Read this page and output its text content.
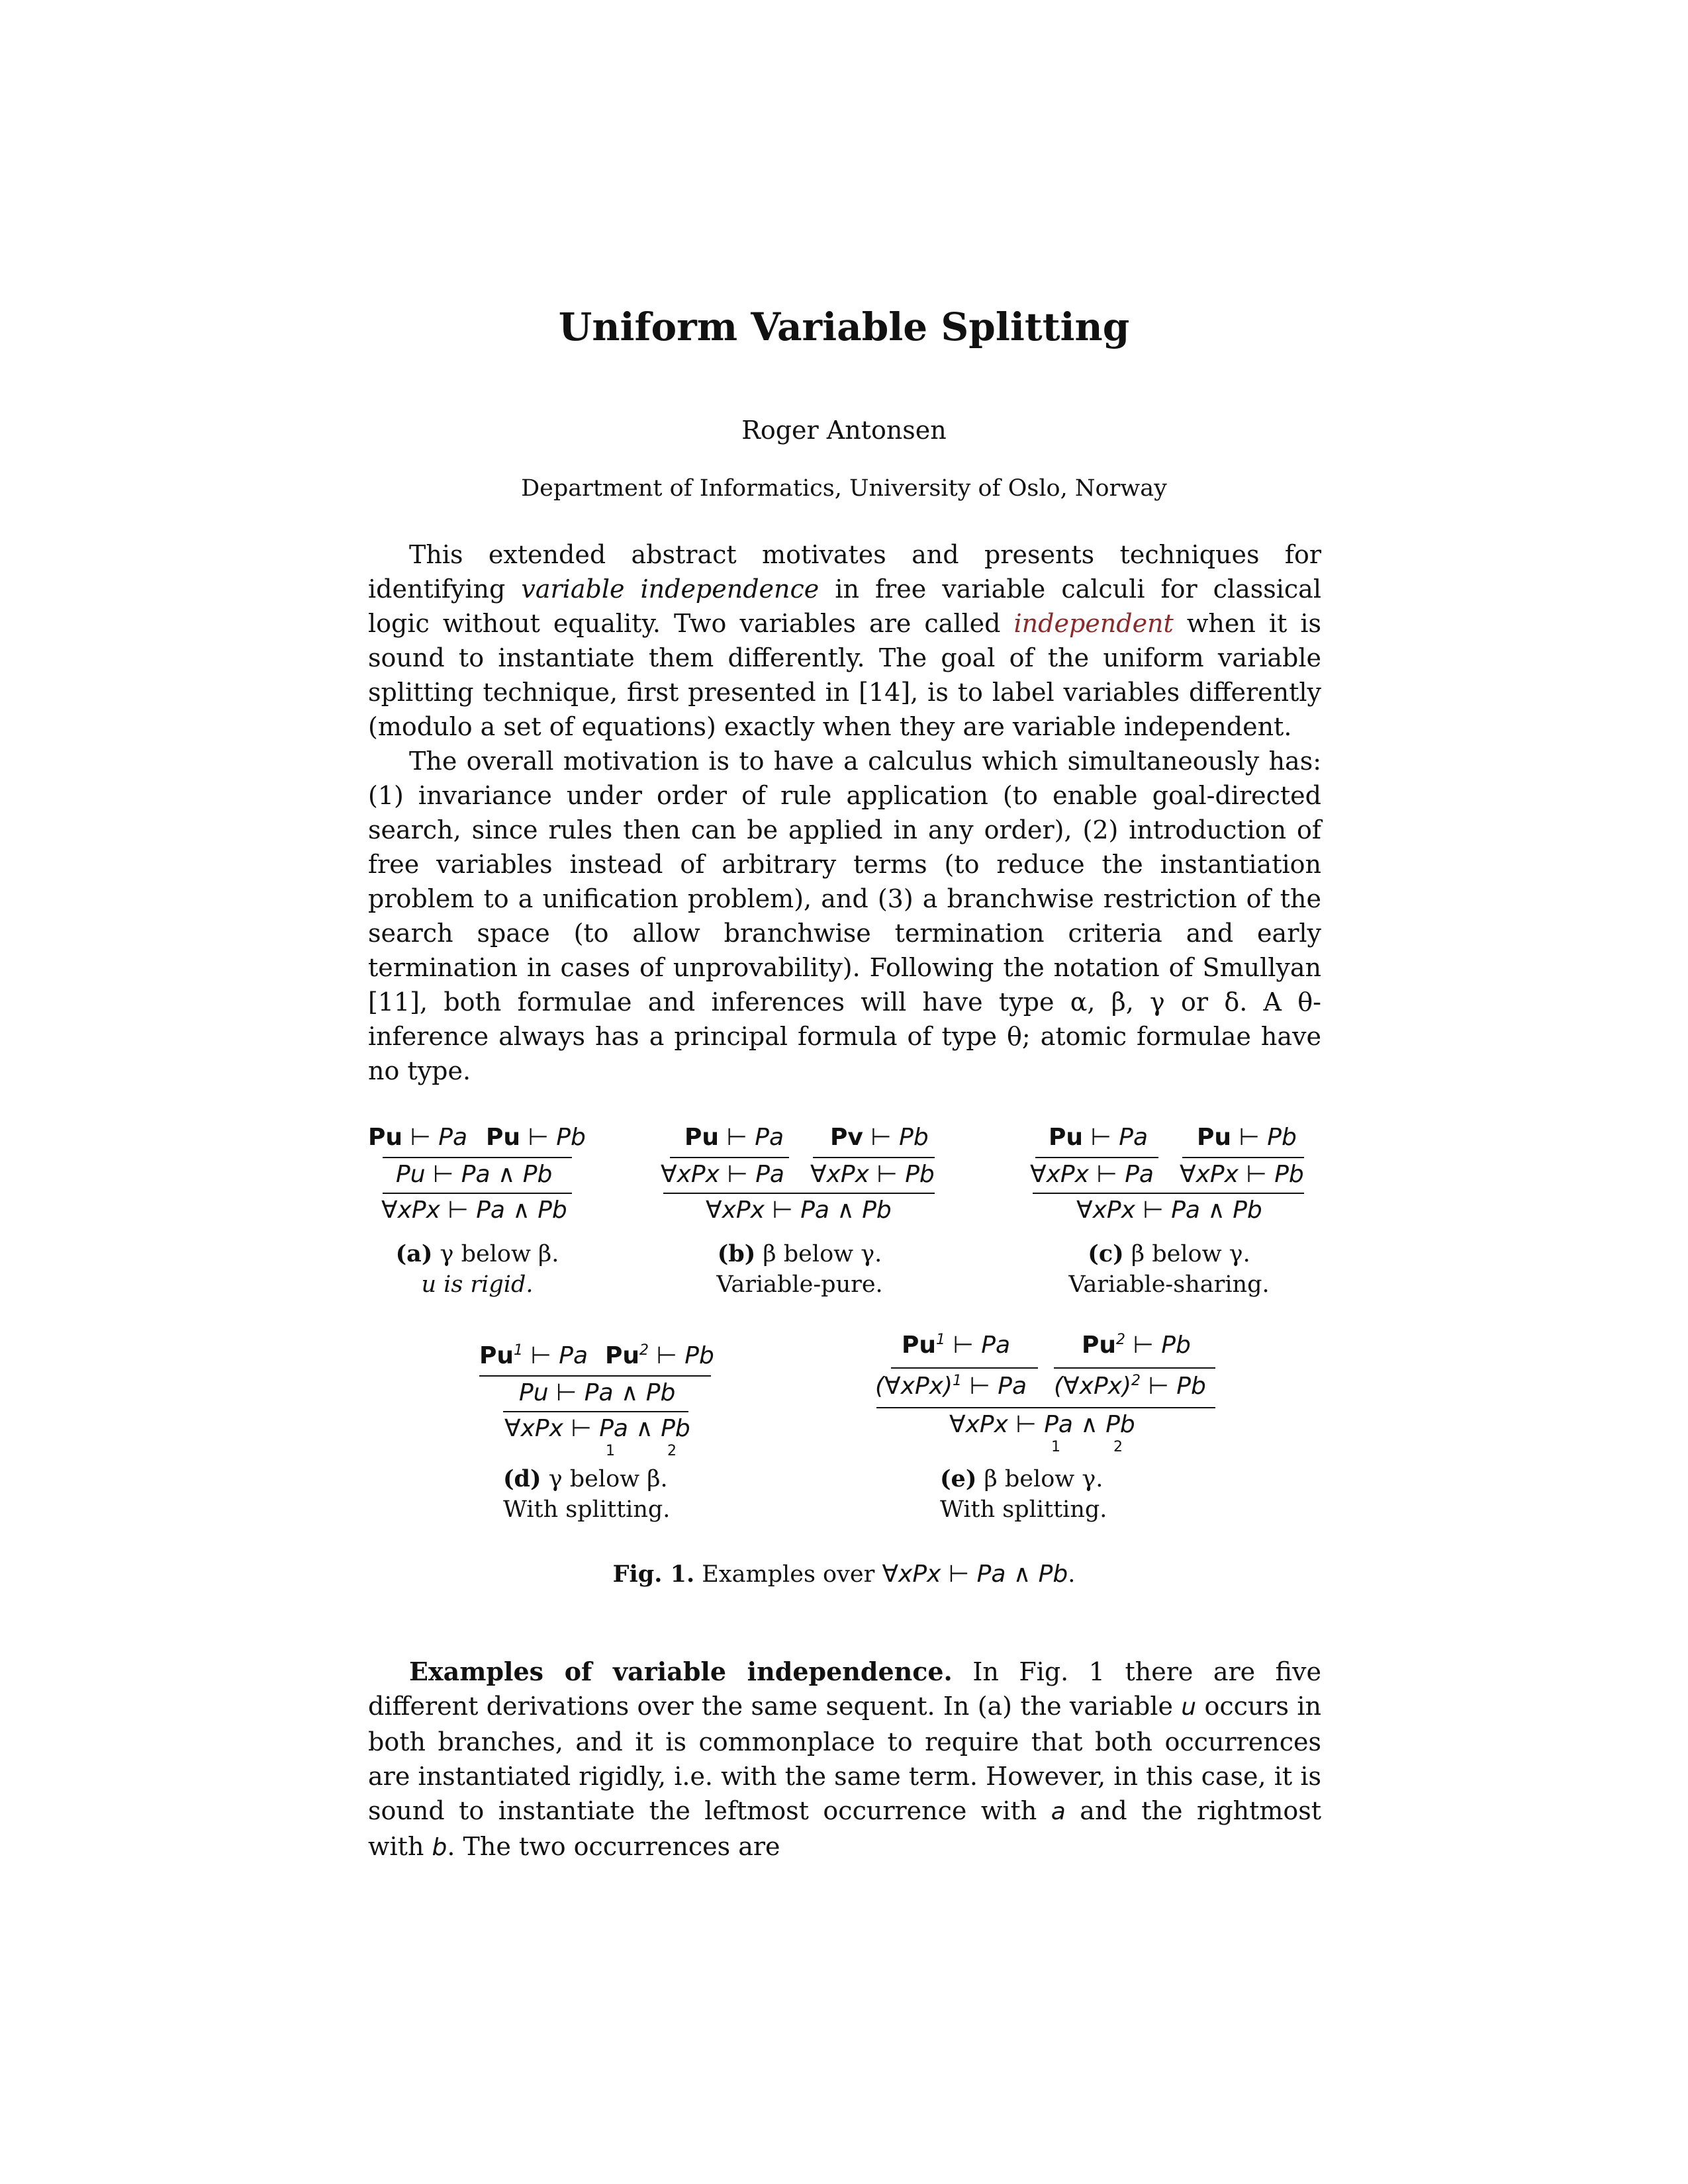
Uniform Variable Splitting
Roger Antonsen
Department of Informatics, University of Oslo, Norway

This extended abstract motivates and presents techniques for identifying variable independence in free variable calculi for classical logic without equality. Two variables are called independent when it is sound to instantiate them differently. The goal of the uniform variable splitting technique, first presented in [14], is to label variables differently (modulo a set of equations) exactly when they are variable independent.

The overall motivation is to have a calculus which simultaneously has: (1) invariance under order of rule application (to enable goal-directed search, since rules then can be applied in any order), (2) introduction of free variables instead of arbitrary terms (to reduce the instantiation problem to a unification problem), and (3) a branchwise restriction of the search space (to allow branchwise termination criteria and early termination in cases of unprovability). Following the notation of Smullyan [11], both formulae and inferences will have type α, β, γ or δ. A θ-inference always has a principal formula of type θ; atomic formulae have no type.

Pu ⊢ Pa Pu ⊢ Pb
Pu ⊢ Pa ∧ Pb
∀xPx ⊢ Pa ∧ Pb
(a) γ below β.
u is rigid.
Pu ⊢ Pa Pv ⊢ Pb
∀xPx ⊢ Pa ∀xPx ⊢ Pb
∀xPx ⊢ Pa ∧ Pb
(b) β below γ.
Variable-pure.
Pu ⊢ Pa Pu ⊢ Pb
∀xPx ⊢ Pa ∀xPx ⊢ Pb
∀xPx ⊢ Pa ∧ Pb
(c) β below γ.
Variable-sharing.
Pu$^1$ ⊢ Pa Pu$^2$ ⊢ Pb
Pu ⊢ Pa ∧ Pb
∀xPx ⊢ Pa ∧ Pb
1	2
(d) γ below β.
With splitting.
Pu$^1$ ⊢ Pa	Pu$^2$ ⊢ Pb
(∀xPx)$^1$ ⊢ Pa (∀xPx)$^2$ ⊢ Pb
∀xPx ⊢ Pa ∧ Pb
1	2
(e) β below γ.
With splitting.
Fig. 1. Examples over ∀xPx ⊢ Pa ∧ Pb.

Examples of variable independence. In Fig. 1 there are five different derivations over the same sequent. In (a) the variable u occurs in both branches, and it is commonplace to require that both occurrences are instantiated rigidly, i.e. with the same term. However, in this case, it is sound to instantiate the leftmost occurrence with a and the rightmost with b. The two occurrences are
